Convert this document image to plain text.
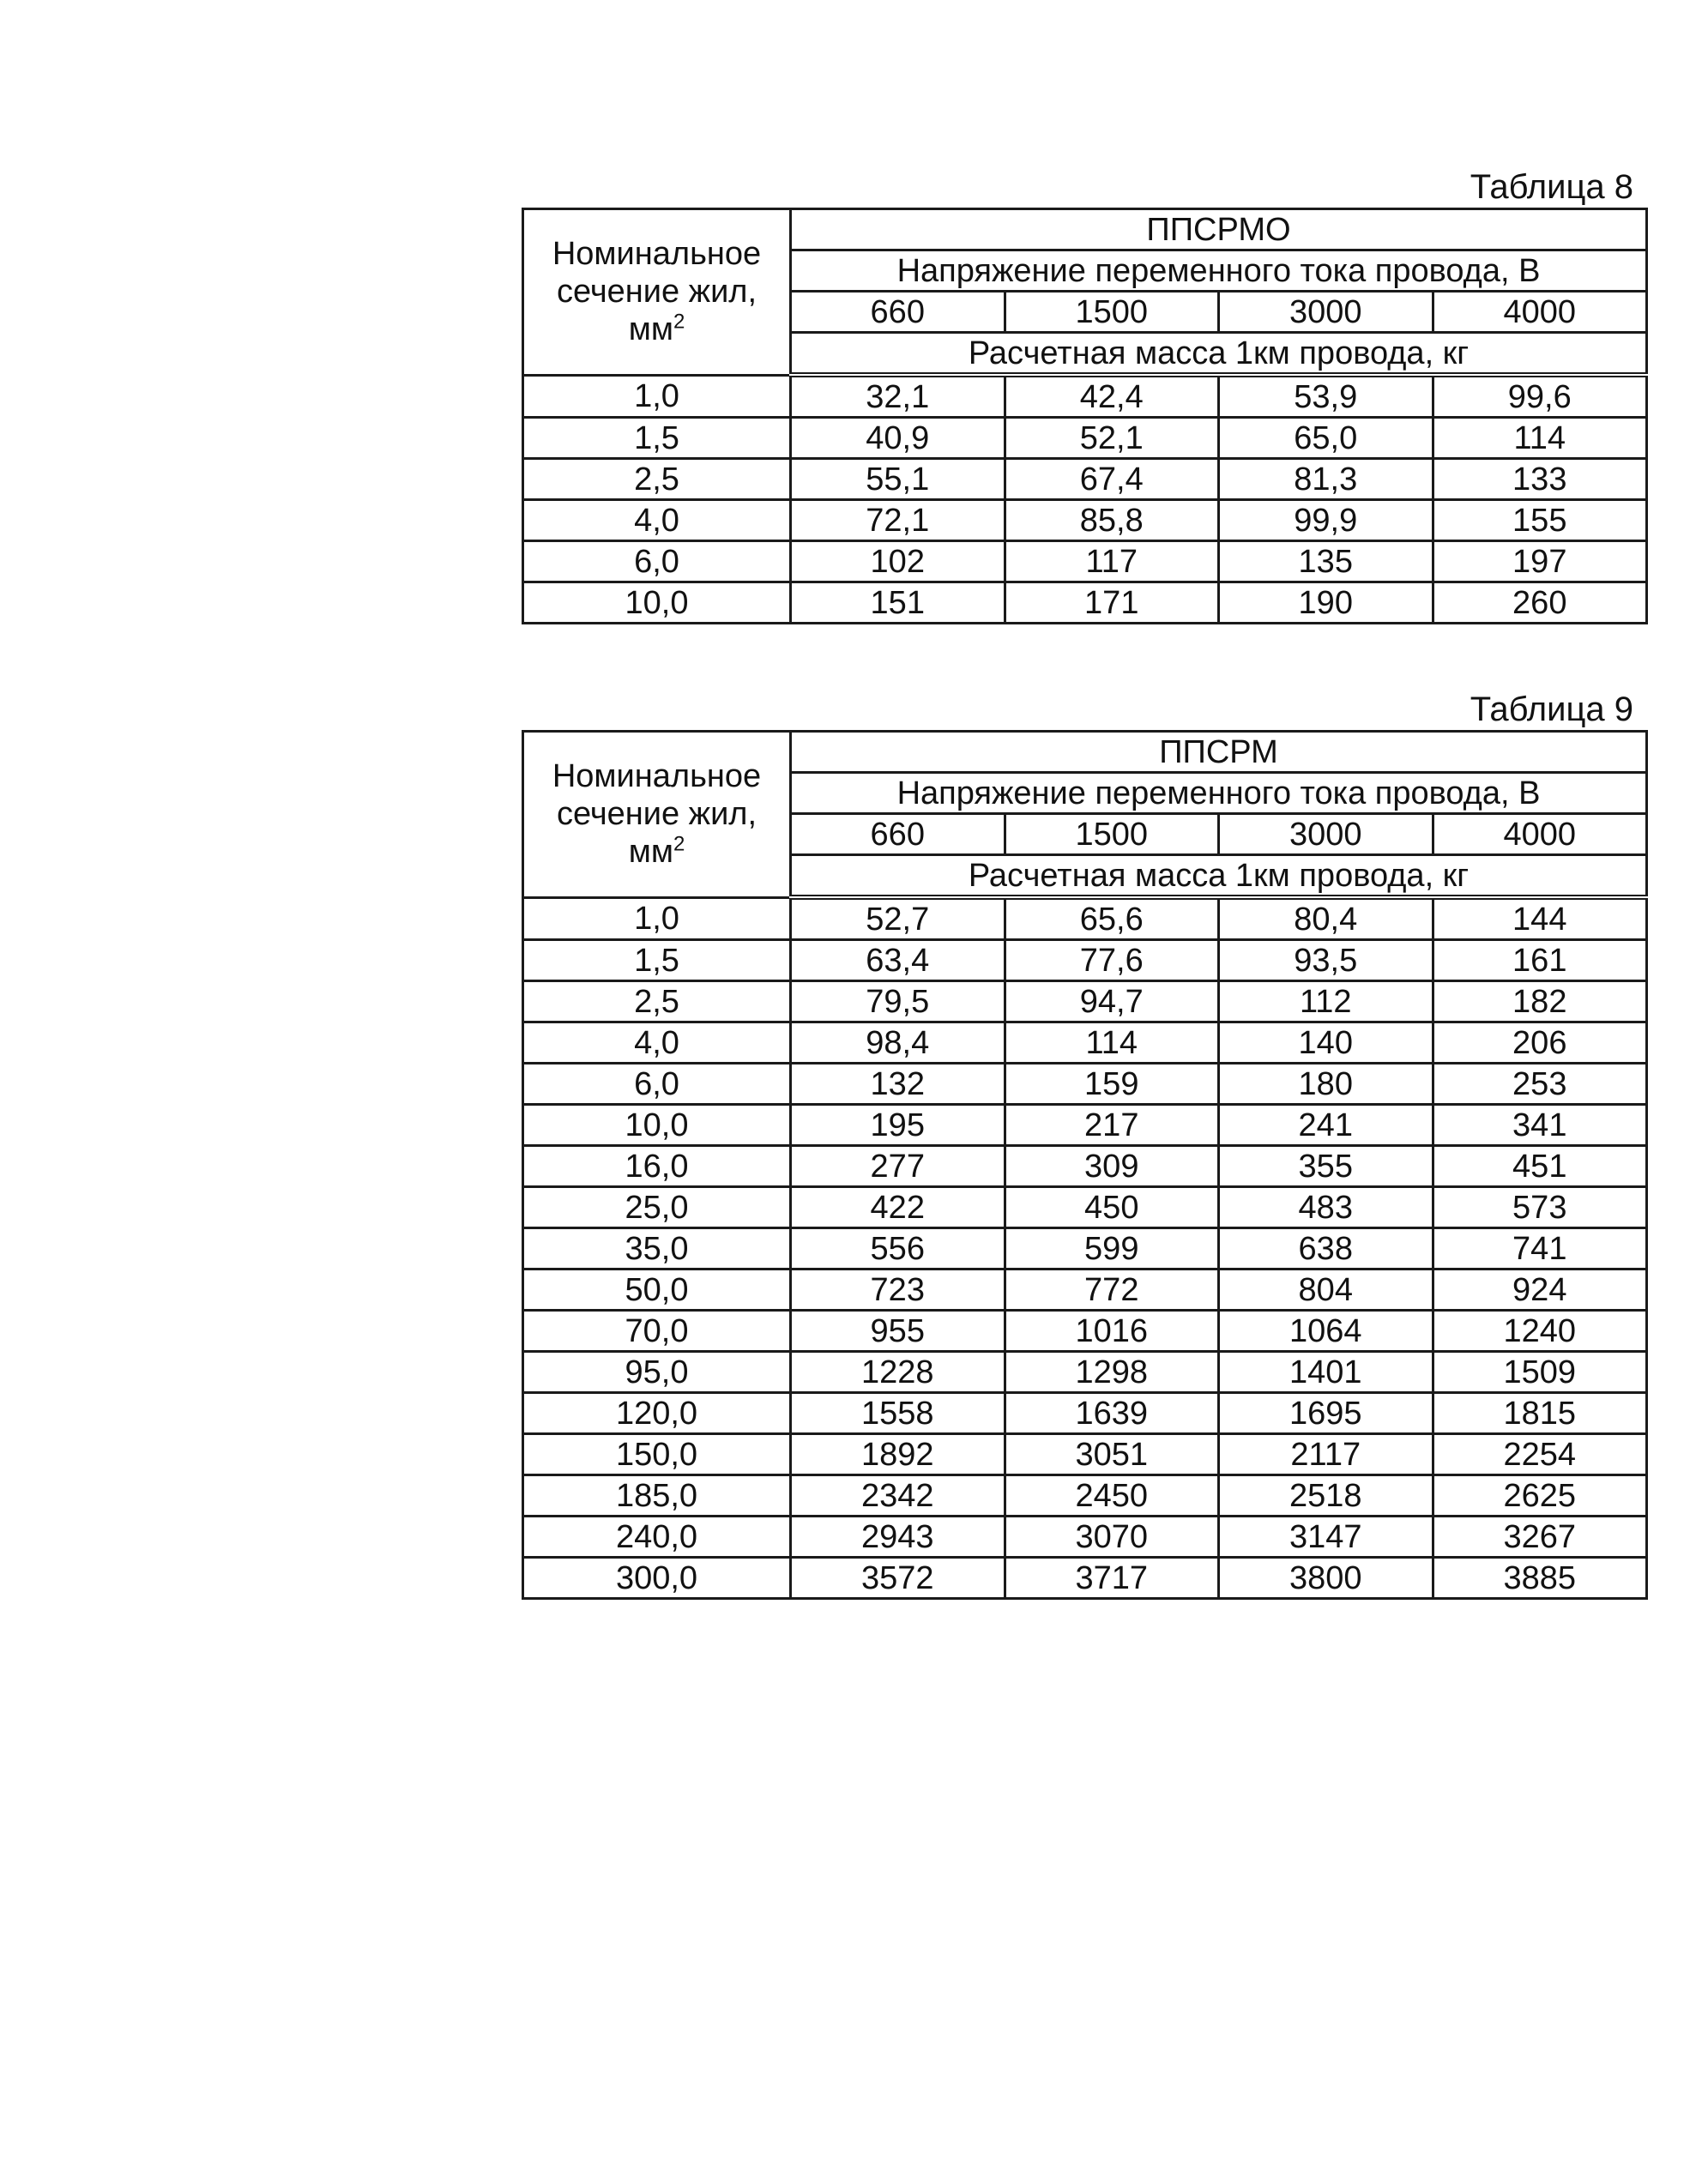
Таблица 8
Номинальное
сечение жил,
$мм^2$	ППСРМО			
	Напряжение переменного тока провода, В			
	660	1500	3000	4000
	Расчетная масса 1км провода, кг			
1,0	32,1	42,4	53,9	99,6
1,5	40,9	52,1	65,0	114
2,5	55,1	67,4	81,3	133
4,0	72,1	85,8	99,9	155
6,0	102	117	135	197
10,0	151	171	190	260
Таблица 9
Номинальное
сечение жил,
$мм^2$	ППСРМ			
	Напряжение переменного тока провода, В			
	660	1500	3000	4000
	Расчетная масса 1км провода, кг			
1,0	52,7	65,6	80,4	144
1,5	63,4	77,6	93,5	161
2,5	79,5	94,7	112	182
4,0	98,4	114	140	206
6,0	132	159	180	253
10,0	195	217	241	341
16,0	277	309	355	451
25,0	422	450	483	573
35,0	556	599	638	741
50,0	723	772	804	924
70,0	955	1016	1064	1240
95,0	1228	1298	1401	1509
120,0	1558	1639	1695	1815
150,0	1892	3051	2117	2254
185,0	2342	2450	2518	2625
240,0	2943	3070	3147	3267
300,0	3572	3717	3800	3885
